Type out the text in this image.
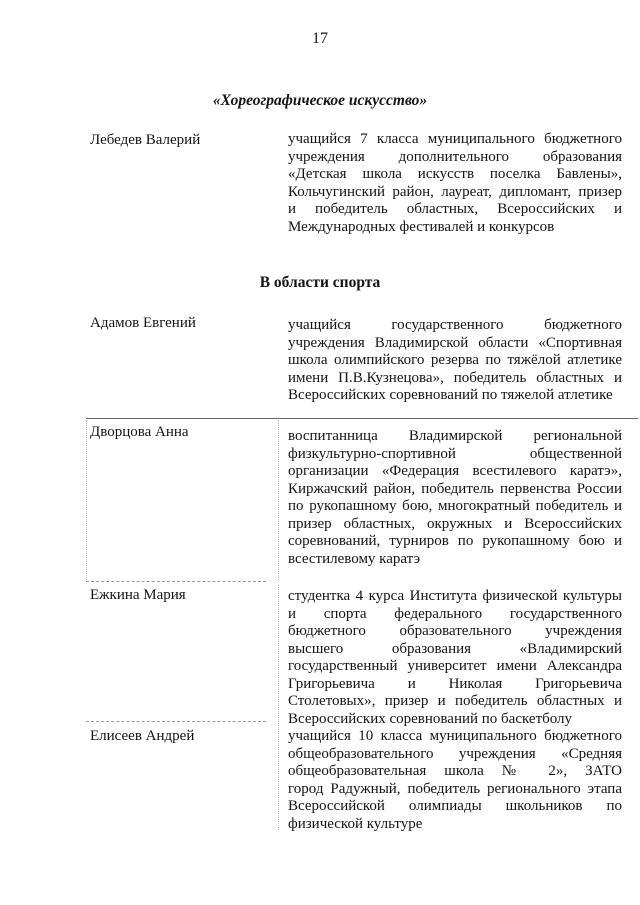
17
«Хореографическое искусство»
Лебедев Валерий	учащийся 7 класса муниципального бюджетного
учреждения дополнительного образования
«Детская школа искусств поселка Бавлены»,
Кольчугинский район, лауреат, дипломант, призер
и победитель областных, Всероссийских и
Международных фестивалей и конкурсов
В области спорта
Адамов Евгений	учащийся государственного бюджетного
учреждения Владимирской области «Спортивная
школа олимпийского резерва по тяжёлой атлетике
имени П.В.Кузнецова», победитель областных и
Всероссийских соревнований по тяжелой атлетике
Дворцова Анна	воспитанница Владимирской региональной
физкультурно-спортивной общественной
организации «Федерация всестилевого каратэ»,
Киржачский район, победитель первенства России
по рукопашному бою, многократный победитель и
призер областных, окружных и Всероссийских
соревнований, турниров по рукопашному бою и
всестилевому каратэ
Ежкина Мария	студентка 4 курса Института физической культуры
и спорта федерального государственного
бюджетного образовательного учреждения
высшего образования «Владимирский
государственный университет имени Александра
Григорьевича и Николая Григорьевича
Столетовых», призер и победитель областных и
Всероссийских соревнований по баскетболу
Елисеев Андрей	учащийся 10 класса муниципального бюджетного
общеобразовательного учреждения «Средняя
общеобразовательная школа № 2», ЗАТО
город Радужный, победитель регионального этапа
Всероссийской олимпиады школьников по
физической культуре
